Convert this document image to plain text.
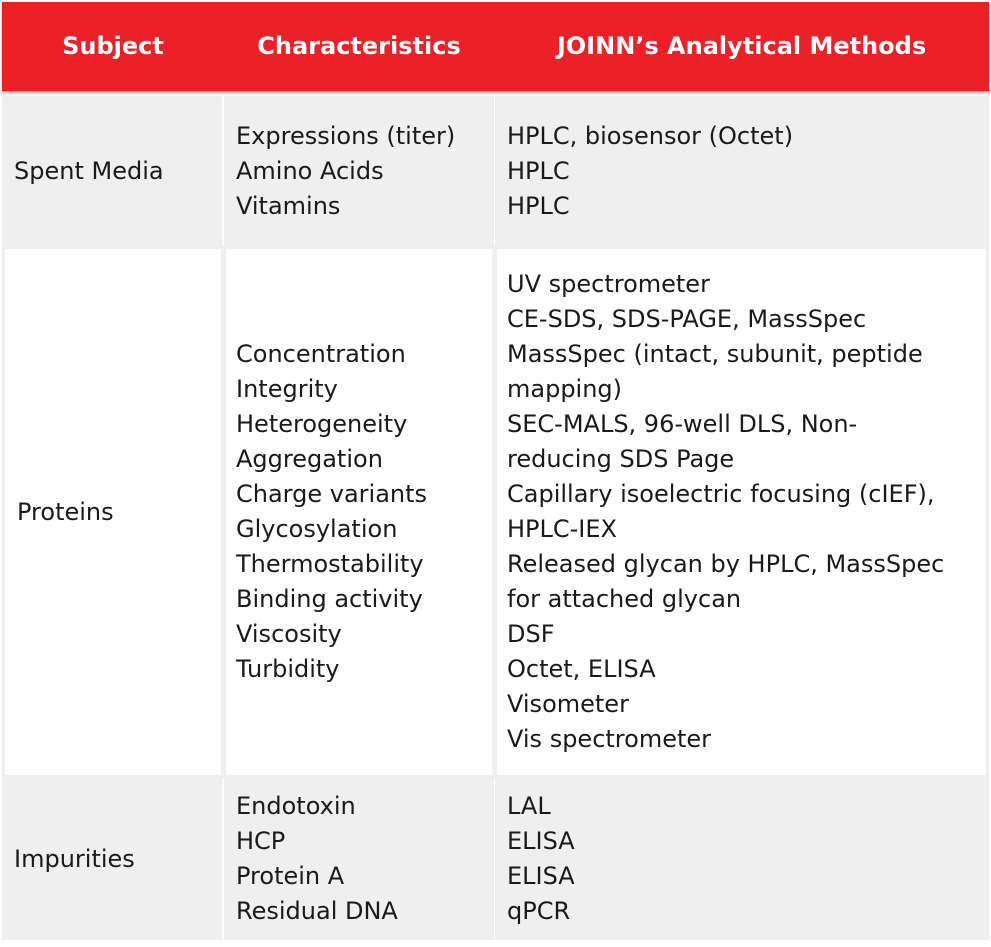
Subject	Characteristics	JOINN’s Analytical Methods
Spent Media
Expressions (titer)
Amino Acids
Vitamins
HPLC, biosensor (Octet)
HPLC
HPLC
Proteins
Concentration
Integrity
Heterogeneity
Aggregation
Charge variants
Glycosylation
Thermostability
Binding activity
Viscosity
Turbidity
UV spectrometer
CE-SDS, SDS-PAGE, MassSpec
MassSpec (intact, subunit, peptide
mapping)
SEC-MALS, 96-well DLS, Non-
reducing SDS Page
Capillary isoelectric focusing (cIEF),
HPLC-IEX
Released glycan by HPLC, MassSpec
for attached glycan
DSF
Octet, ELISA
Visometer
Vis spectrometer
Impurities
Endotoxin
HCP
Protein A
Residual DNA
LAL
ELISA
ELISA
qPCR
